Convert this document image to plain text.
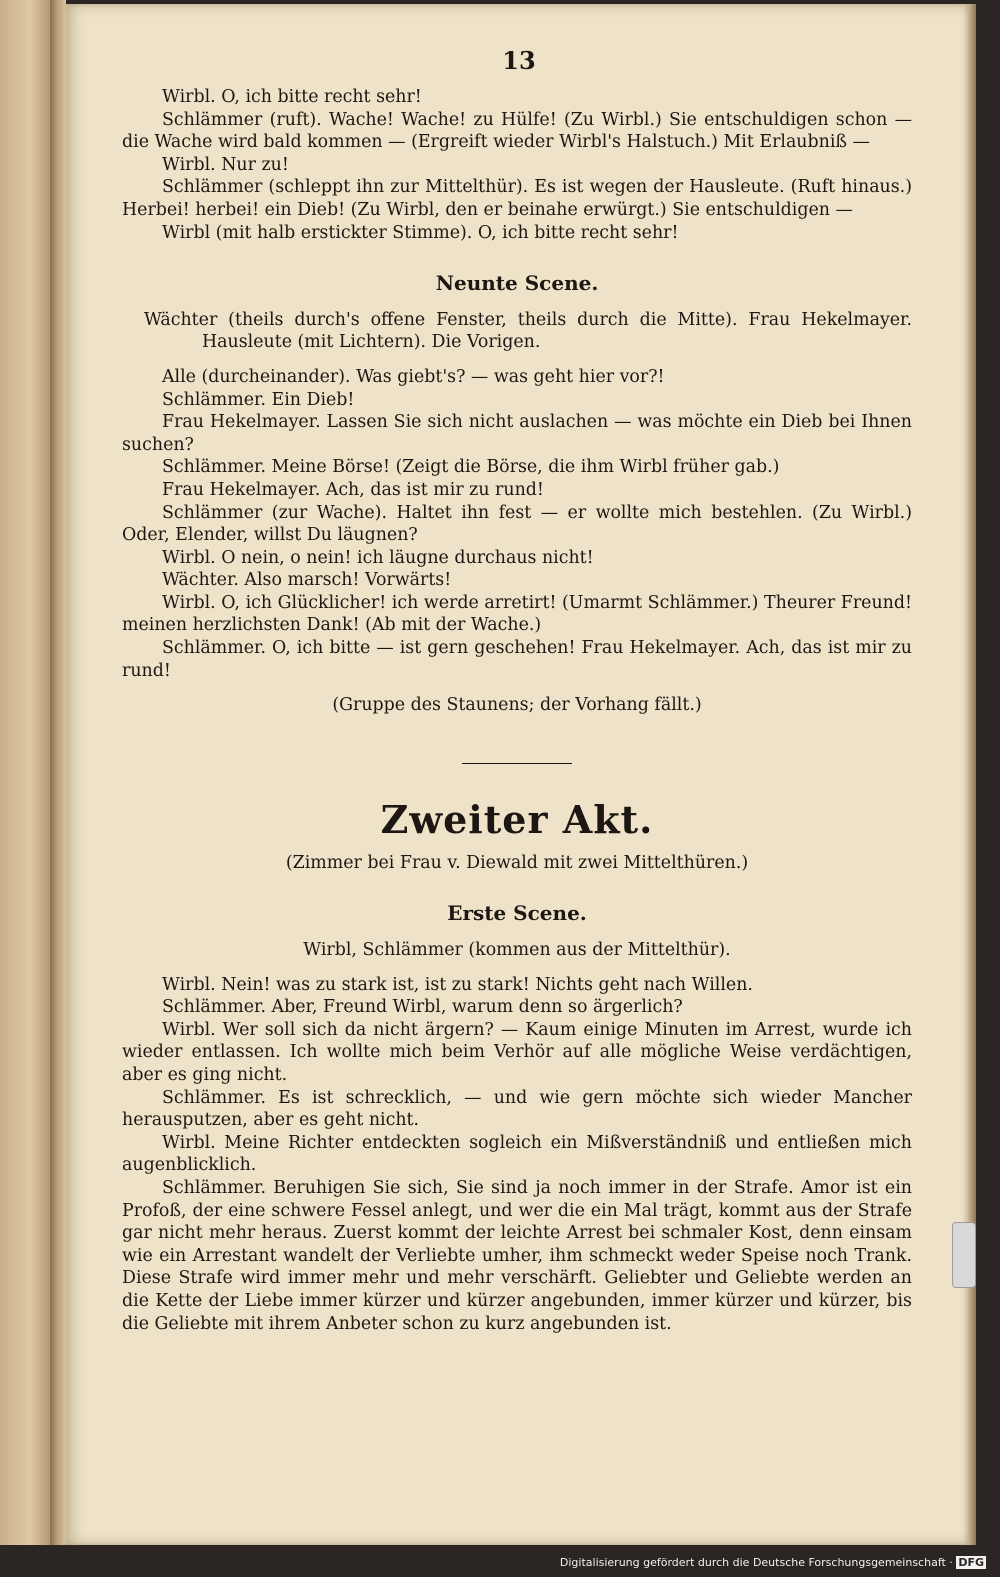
13

Wirbl. O, ich bitte recht sehr!

Schlämmer (ruft). Wache! Wache! zu Hülfe! (Zu Wirbl.) Sie entschuldigen schon — die Wache wird bald kommen — (Ergreift wieder Wirbl's Halstuch.) Mit Erlaubniß —

Wirbl. Nur zu!

Schlämmer (schleppt ihn zur Mittelthür). Es ist wegen der Hausleute. (Ruft hinaus.) Herbei! herbei! ein Dieb! (Zu Wirbl, den er beinahe erwürgt.) Sie entschuldigen —

Wirbl (mit halb erstickter Stimme). O, ich bitte recht sehr!

Neunte Scene.

Wächter (theils durch's offene Fenster, theils durch die Mitte). Frau Hekelmayer. Hausleute (mit Lichtern). Die Vorigen.

Alle (durcheinander). Was giebt's? — was geht hier vor?!

Schlämmer. Ein Dieb!

Frau Hekelmayer. Lassen Sie sich nicht auslachen — was möchte ein Dieb bei Ihnen suchen?

Schlämmer. Meine Börse! (Zeigt die Börse, die ihm Wirbl früher gab.)

Frau Hekelmayer. Ach, das ist mir zu rund!

Schlämmer (zur Wache). Haltet ihn fest — er wollte mich bestehlen. (Zu Wirbl.) Oder, Elender, willst Du läugnen?

Wirbl. O nein, o nein! ich läugne durchaus nicht!

Wächter. Also marsch! Vorwärts!

Wirbl. O, ich Glücklicher! ich werde arretirt! (Umarmt Schlämmer.) Theurer Freund! meinen herzlichsten Dank! (Ab mit der Wache.)

Schlämmer. O, ich bitte — ist gern geschehen! Frau Hekelmayer. Ach, das ist mir zu rund!

(Gruppe des Staunens; der Vorhang fällt.)

Zweiter Akt.

(Zimmer bei Frau v. Diewald mit zwei Mittelthüren.)

Erste Scene.

Wirbl, Schlämmer (kommen aus der Mittelthür).

Wirbl. Nein! was zu stark ist, ist zu stark! Nichts geht nach Willen.

Schlämmer. Aber, Freund Wirbl, warum denn so ärgerlich?

Wirbl. Wer soll sich da nicht ärgern? — Kaum einige Minuten im Arrest, wurde ich wieder entlassen. Ich wollte mich beim Verhör auf alle mögliche Weise verdächtigen, aber es ging nicht.

Schlämmer. Es ist schrecklich, — und wie gern möchte sich wieder Mancher herausputzen, aber es geht nicht.

Wirbl. Meine Richter entdeckten sogleich ein Mißverständniß und entließen mich augenblicklich.

Schlämmer. Beruhigen Sie sich, Sie sind ja noch immer in der Strafe. Amor ist ein Profoß, der eine schwere Fessel anlegt, und wer die ein Mal trägt, kommt aus der Strafe gar nicht mehr heraus. Zuerst kommt der leichte Arrest bei schmaler Kost, denn einsam wie ein Arrestant wandelt der Verliebte umher, ihm schmeckt weder Speise noch Trank. Diese Strafe wird immer mehr und mehr verschärft. Geliebter und Geliebte werden an die Kette der Liebe immer kürzer und kürzer angebunden, immer kürzer und kürzer, bis die Geliebte mit ihrem Anbeter schon zu kurz angebunden ist.

Digitalisierung gefördert durch die Deutsche Forschungsgemeinschaft · DFG
